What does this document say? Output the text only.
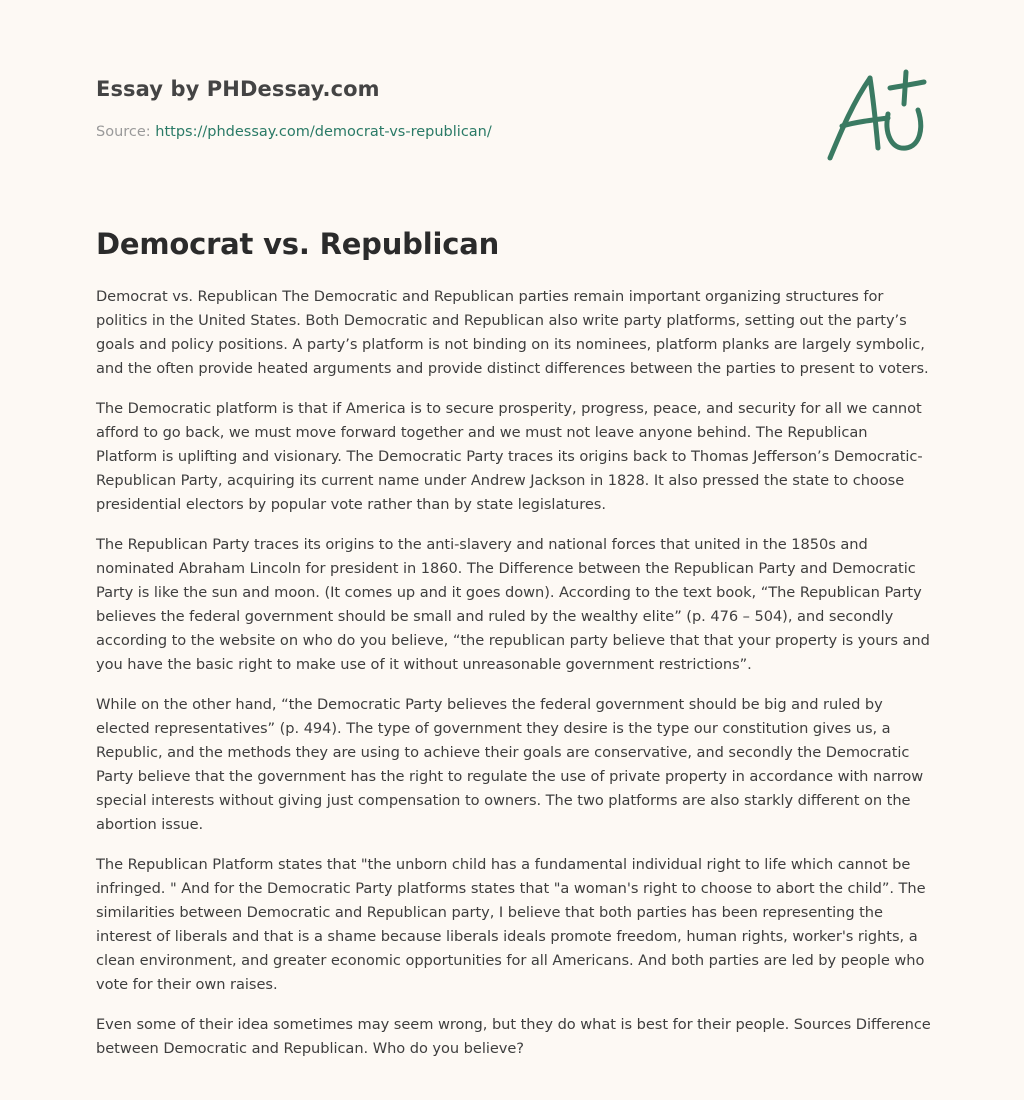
Essay by PHDessay.com
Source: https://phdessay.com/democrat-vs-republican/
Democrat vs. Republican

Democrat vs. Republican The Democratic and Republican parties remain important organizing structures for politics in the United States. Both Democratic and Republican also write party platforms, setting out the party’s goals and policy positions. A party’s platform is not binding on its nominees, platform planks are largely symbolic, and the often provide heated arguments and provide distinct differences between the parties to present to voters.

The Democratic platform is that if America is to secure prosperity, progress, peace, and security for all we cannot afford to go back, we must move forward together and we must not leave anyone behind. The Republican Platform is uplifting and visionary. The Democratic Party traces its origins back to Thomas Jefferson’s Democratic- Republican Party, acquiring its current name under Andrew Jackson in 1828. It also pressed the state to choose presidential electors by popular vote rather than by state legislatures.

The Republican Party traces its origins to the anti-slavery and national forces that united in the 1850s and nominated Abraham Lincoln for president in 1860. The Difference between the Republican Party and Democratic Party is like the sun and moon. (It comes up and it goes down). According to the text book, “The Republican Party believes the federal government should be small and ruled by the wealthy elite” (p. 476 – 504), and secondly according to the website on who do you believe, “the republican party believe that that your property is yours and you have the basic right to make use of it without unreasonable government restrictions”.

While on the other hand, “the Democratic Party believes the federal government should be big and ruled by elected representatives” (p. 494). The type of government they desire is the type our constitution gives us, a Republic, and the methods they are using to achieve their goals are conservative, and secondly the Democratic Party believe that the government has the right to regulate the use of private property in accordance with narrow special interests without giving just compensation to owners. The two platforms are also starkly different on the abortion issue.

The Republican Platform states that "the unborn child has a fundamental individual right to life which cannot be infringed. " And for the Democratic Party platforms states that "a woman's right to choose to abort the child”. The similarities between Democratic and Republican party, I believe that both parties has been representing the interest of liberals and that is a shame because liberals ideals promote freedom, human rights, worker's rights, a clean environment, and greater economic opportunities for all Americans. And both parties are led by people who vote for their own raises.

Even some of their idea sometimes may seem wrong, but they do what is best for their people. Sources Difference between Democratic and Republican. Who do you believe?
